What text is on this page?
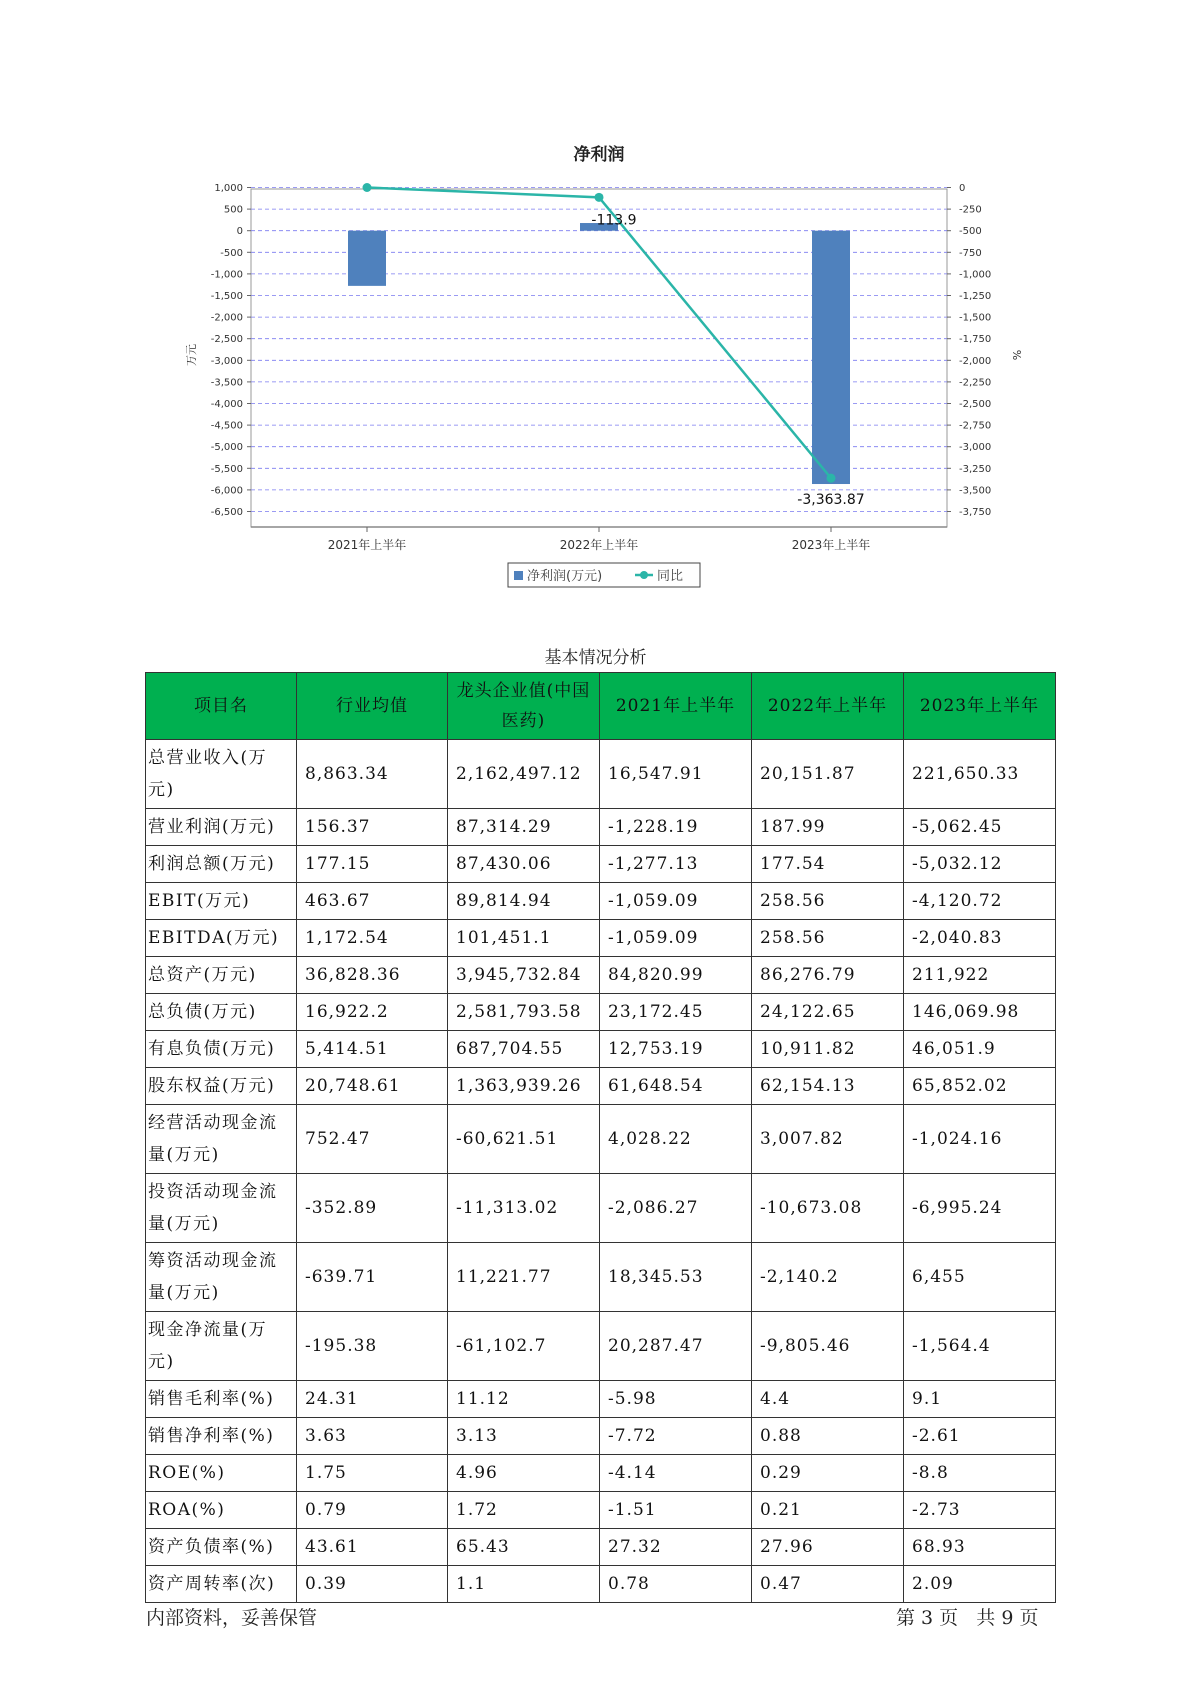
净利润
1,000
500
0
-500
-1,000
-1,500
-2,000
-2,500
-3,000
-3,500
-4,000
-4,500
-5,000
-5,500
-6,000
-6,500
0
-250
-500
-750
-1,000
-1,250
-1,500
-1,750
-2,000
-2,250
-2,500
-2,750
-3,000
-3,250
-3,500
-3,750
万元	%
2021年上半年	2022年上半年	2023年上半年
-113.9
-3,363.87
净利润(万元)	同比
基本情况分析
项目名	行业均值	龙头企业值(中国医药)	2021年上半年	2022年上半年	2023年上半年
总营业收入(万元)	8,863.34	2,162,497.12	16,547.91	20,151.87	221,650.33
营业利润(万元)	156.37	87,314.29	-1,228.19	187.99	-5,062.45
利润总额(万元)	177.15	87,430.06	-1,277.13	177.54	-5,032.12
EBIT(万元)	463.67	89,814.94	-1,059.09	258.56	-4,120.72
EBITDA(万元)	1,172.54	101,451.1	-1,059.09	258.56	-2,040.83
总资产(万元)	36,828.36	3,945,732.84	84,820.99	86,276.79	211,922
总负债(万元)	16,922.2	2,581,793.58	23,172.45	24,122.65	146,069.98
有息负债(万元)	5,414.51	687,704.55	12,753.19	10,911.82	46,051.9
股东权益(万元)	20,748.61	1,363,939.26	61,648.54	62,154.13	65,852.02
经营活动现金流量(万元)	752.47	-60,621.51	4,028.22	3,007.82	-1,024.16
投资活动现金流量(万元)	-352.89	-11,313.02	-2,086.27	-10,673.08	-6,995.24
筹资活动现金流量(万元)	-639.71	11,221.77	18,345.53	-2,140.2	6,455
现金净流量(万元)	-195.38	-61,102.7	20,287.47	-9,805.46	-1,564.4
销售毛利率(%)	24.31	11.12	-5.98	4.4	9.1
销售净利率(%)	3.63	3.13	-7.72	0.88	-2.61
ROE(%)	1.75	4.96	-4.14	0.29	-8.8
ROA(%)	0.79	1.72	-1.51	0.21	-2.73
资产负债率(%)	43.61	65.43	27.32	27.96	68.93
资产周转率(次)	0.39	1.1	0.78	0.47	2.09
内部资料，妥善保管	第 3 页   共 9 页
